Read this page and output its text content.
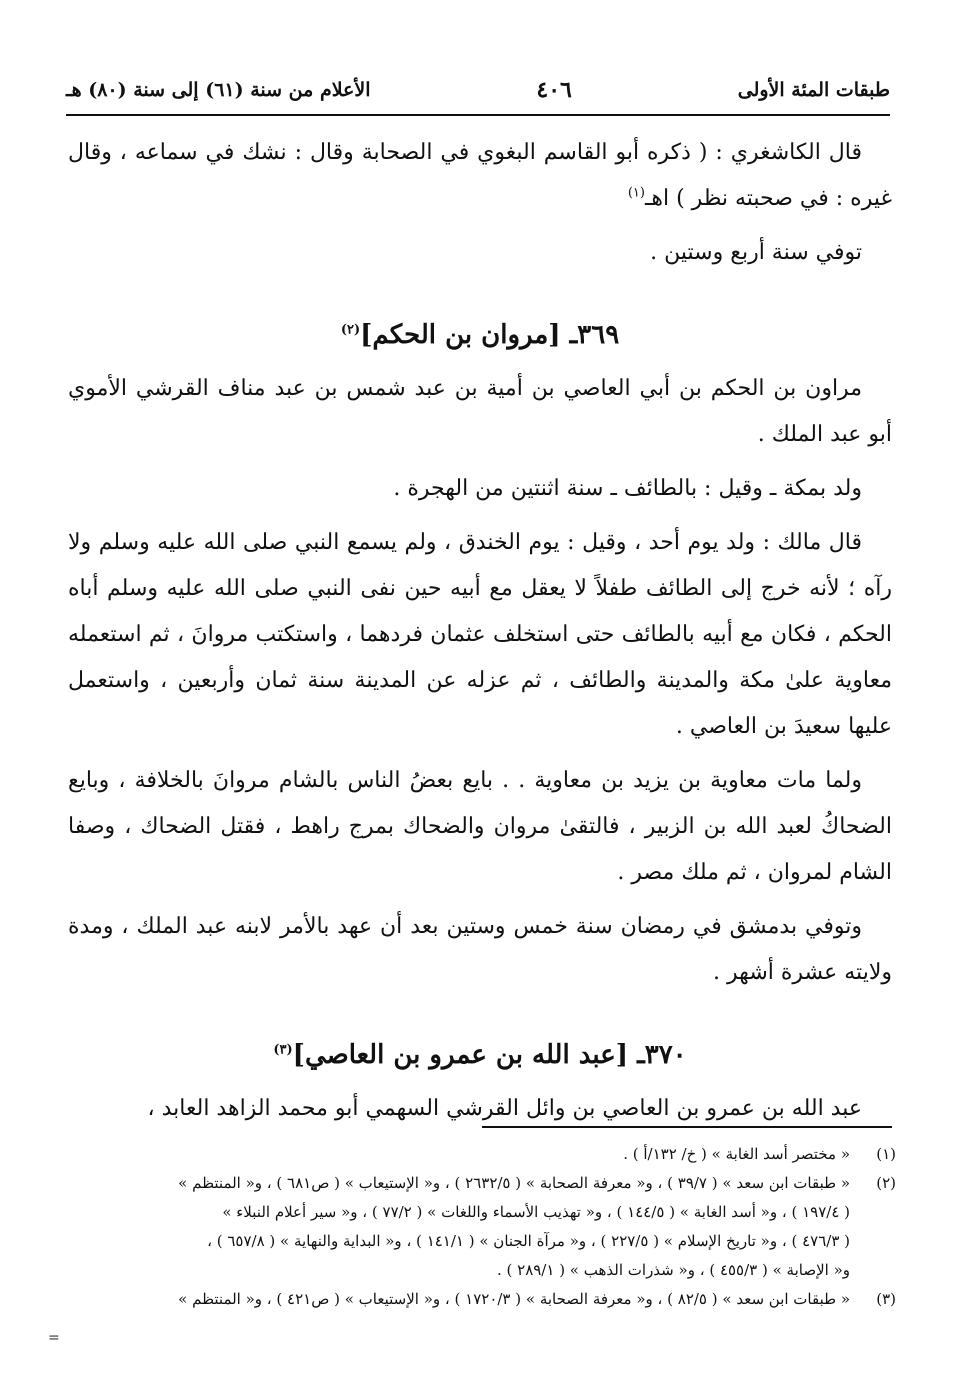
طبقات المئة الأولى
٤٠٦
الأعلام من سنة (٦١) إلى سنة (٨٠) هـ

قال الكاشغري : ( ذكره أبو القاسم البغوي في الصحابة وقال : نشك في سماعه ، وقال غيره : في صحبته نظر ) اهـ$^{(١)}$

توفي سنة أربع وستين .

٣٦٩ـ [مروان بن الحكم]$^{(٢)}$

مراون بن الحكم بن أبي العاصي بن أمية بن عبد شمس بن عبد مناف القرشي الأموي أبو عبد الملك .

ولد بمكة ـ وقيل : بالطائف ـ سنة اثنتين من الهجرة .

قال مالك : ولد يوم أحد ، وقيل : يوم الخندق ، ولم يسمع النبي صلى الله عليه وسلم ولا رآه ؛ لأنه خرج إلى الطائف طفلاً لا يعقل مع أبيه حين نفى النبي صلى الله عليه وسلم أباه الحكم ، فكان مع أبيه بالطائف حتى استخلف عثمان فردهما ، واستكتب مروانَ ، ثم استعمله معاوية علىٰ مكة والمدينة والطائف ، ثم عزله عن المدينة سنة ثمان وأربعين ، واستعمل عليها سعيدَ بن العاصي .

ولما مات معاوية بن يزيد بن معاوية . . بايع بعضُ الناس بالشام مروانَ بالخلافة ، وبايع الضحاكُ لعبد الله بن الزبير ، فالتقىٰ مروان والضحاك بمرج راهط ، فقتل الضحاك ، وصفا الشام لمروان ، ثم ملك مصر .

وتوفي بدمشق في رمضان سنة خمس وستين بعد أن عهد بالأمر لابنه عبد الملك ، ومدة ولايته عشرة أشهر .

٣٧٠ـ [عبد الله بن عمرو بن العاصي]$^{(٣)}$

عبد الله بن عمرو بن العاصي بن وائل القرشي السهمي أبو محمد الزاهد العابد ،

(١)
« مختصر أسد الغابة » ( خ/ ١٣٢/أ ) .
(٢)
« طبقات ابن سعد » ( ٣٩/٧ ) ، و« معرفة الصحابة » ( ٢٦٣٢/٥ ) ، و« الإستيعاب » ( ص٦٨١ ) ، و« المنتظم »
( ١٩٧/٤ ) ، و« أسد الغابة » ( ١٤٤/٥ ) ، و« تهذيب الأسماء واللغات » ( ٧٧/٢ ) ، و« سير أعلام النبلاء »
( ٤٧٦/٣ ) ، و« تاريخ الإسلام » ( ٢٢٧/٥ ) ، و« مرآة الجنان » ( ١٤١/١ ) ، و« البداية والنهاية » ( ٦٥٧/٨ ) ،
و« الإصابة » ( ٤٥٥/٣ ) ، و« شذرات الذهب » ( ٢٨٩/١ ) .
(٣)
« طبقات ابن سعد » ( ٨٢/٥ ) ، و« معرفة الصحابة » ( ١٧٢٠/٣ ) ، و« الإستيعاب » ( ص٤٢١ ) ، و« المنتظم »
=
